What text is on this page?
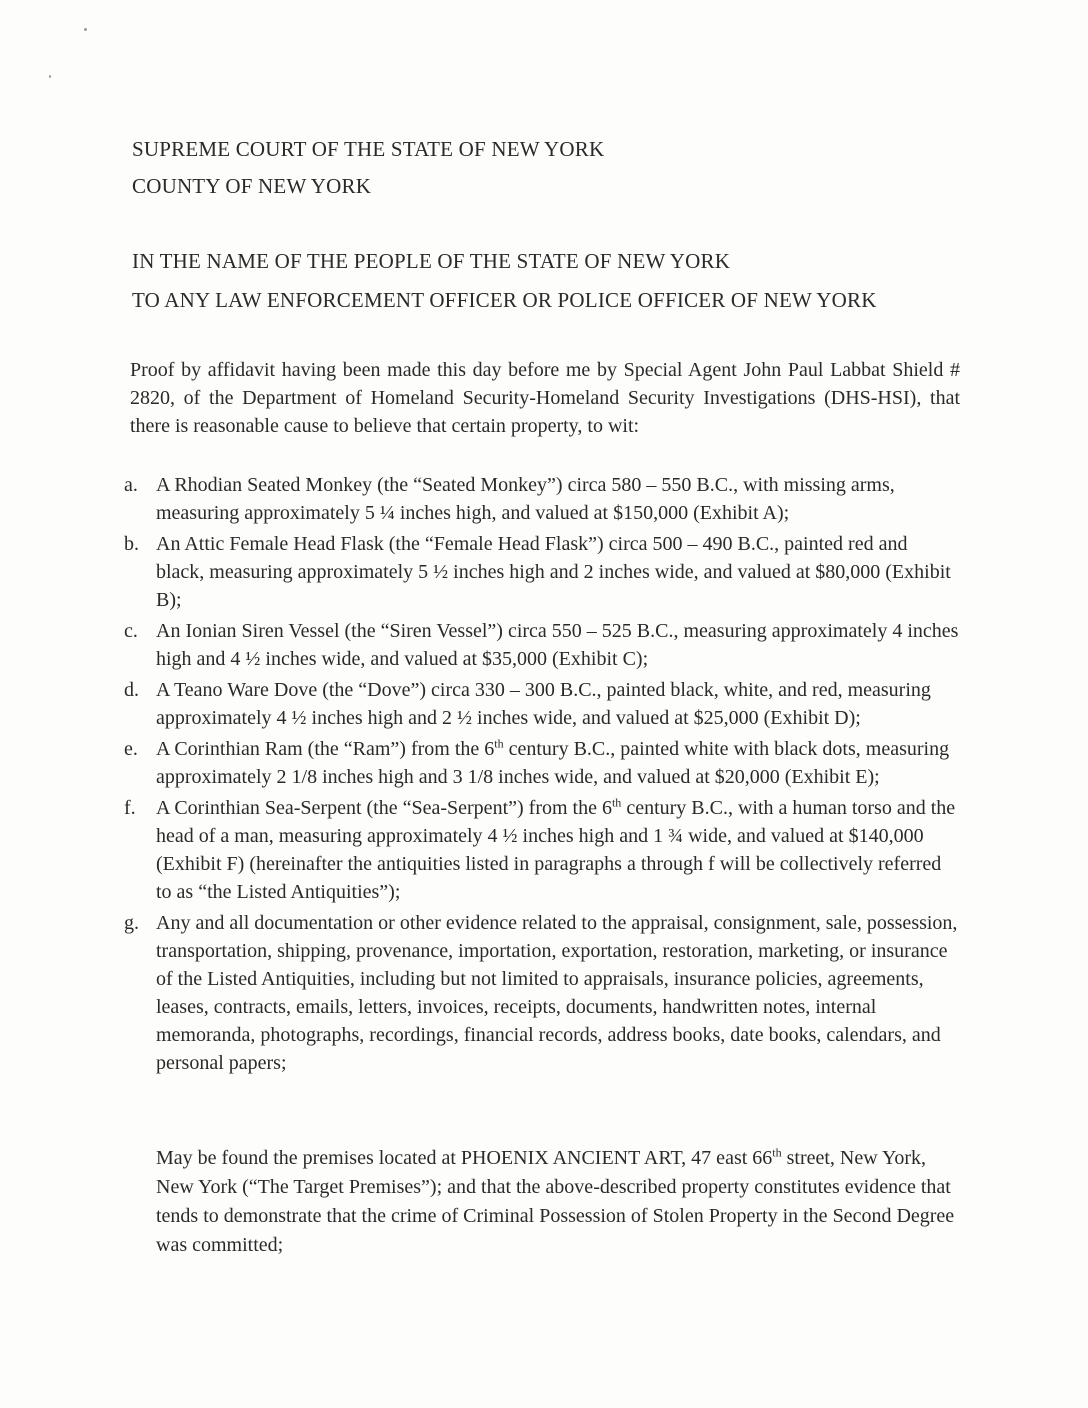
SUPREME COURT OF THE STATE OF NEW YORK
COUNTY OF NEW YORK
IN THE NAME OF THE PEOPLE OF THE STATE OF NEW YORK
TO ANY LAW ENFORCEMENT OFFICER OR POLICE OFFICER OF NEW YORK

Proof by affidavit having been made this day before me by Special Agent John Paul Labbat Shield # 2820, of the Department of Homeland Security-Homeland Security Investigations (DHS-HSI), that there is reasonable cause to believe that certain property, to wit:

a. A Rhodian Seated Monkey (the “Seated Monkey”) circa 580 – 550 B.C., with missing arms, measuring approximately 5 ¼ inches high, and valued at $150,000 (Exhibit A);
b. An Attic Female Head Flask (the “Female Head Flask”) circa 500 – 490 B.C., painted red and black, measuring approximately 5 ½ inches high and 2 inches wide, and valued at $80,000 (Exhibit B);
c. An Ionian Siren Vessel (the “Siren Vessel”) circa 550 – 525 B.C., measuring approximately 4 inches high and 4 ½ inches wide, and valued at $35,000 (Exhibit C);
d. A Teano Ware Dove (the “Dove”) circa 330 – 300 B.C., painted black, white, and red, measuring approximately 4 ½ inches high and 2 ½ inches wide, and valued at $25,000 (Exhibit D);
e. A Corinthian Ram (the “Ram”) from the 6th century B.C., painted white with black dots, measuring approximately 2 1/8 inches high and 3 1/8 inches wide, and valued at $20,000 (Exhibit E);
f.	A Corinthian Sea-Serpent (the “Sea-Serpent”) from the 6th century B.C., with a human torso and the head of a man, measuring approximately 4 ½ inches high and 1 ¾ wide, and valued at $140,000 (Exhibit F) (hereinafter the antiquities listed in paragraphs a through f will be collectively referred to as “the Listed Antiquities”);
g. Any and all documentation or other evidence related to the appraisal, consignment, sale, possession, transportation, shipping, provenance, importation, exportation, restoration, marketing, or insurance of the Listed Antiquities, including but not limited to appraisals, insurance policies, agreements, leases, contracts, emails, letters, invoices, receipts, documents, handwritten notes, internal memoranda, photographs, recordings, financial records, address books, date books, calendars, and personal papers;

May be found the premises located at PHOENIX ANCIENT ART, 47 east 66th street, New York, New York (“The Target Premises”); and that the above-described property constitutes evidence that tends to demonstrate that the crime of Criminal Possession of Stolen Property in the Second Degree was committed;
